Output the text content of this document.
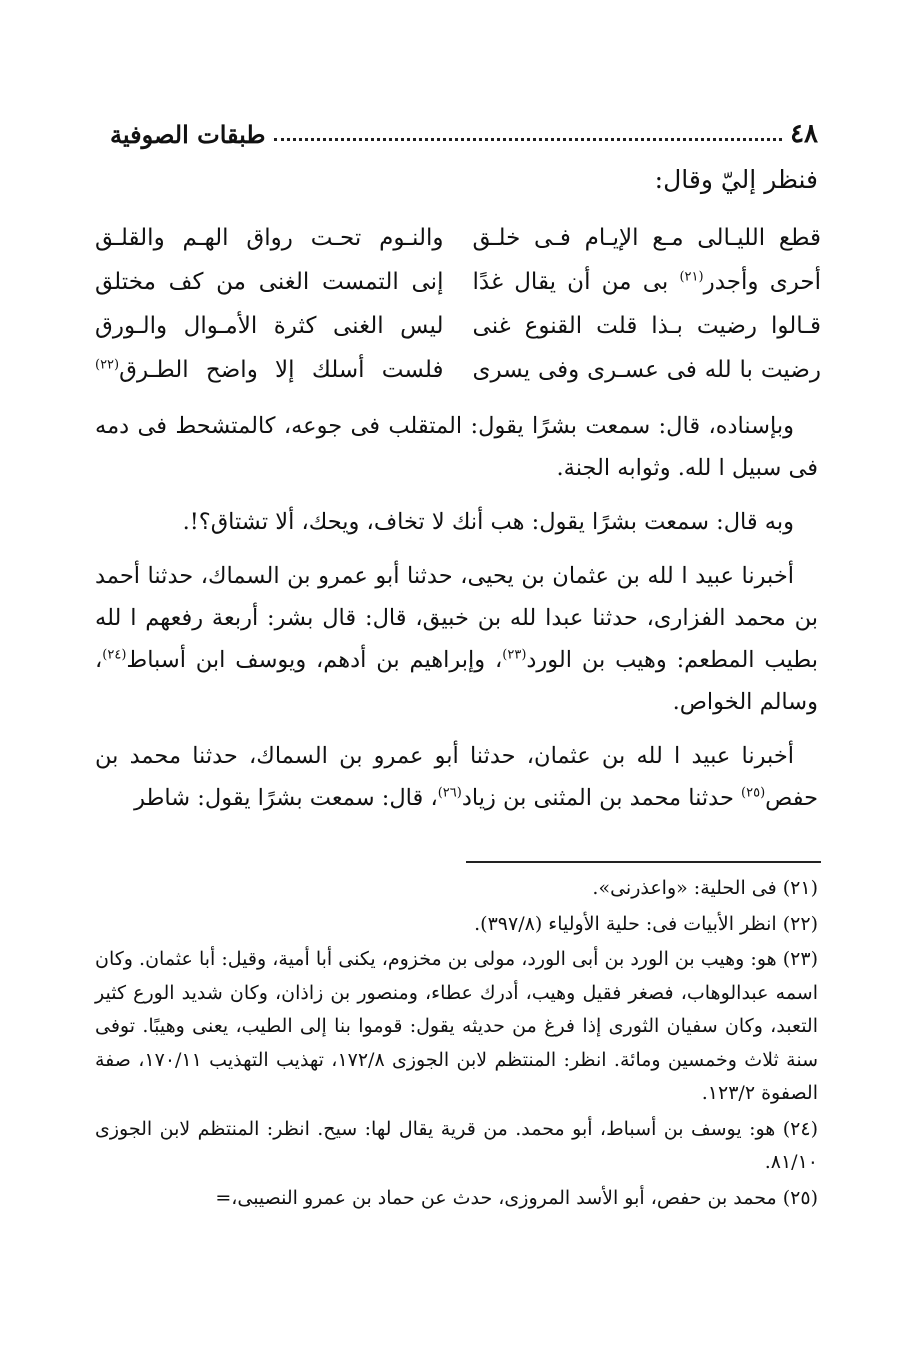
٤٨
طبقات الصوفية
فنظر إليّ وقال:
قطع الليـالى مـع الإيـام فـى خلـق
والنـوم تحـت رواق الهـم والقلـق
أحرى وأجدر$^{(٢١)}$ بى من أن يقال غدًا
إنى التمست الغنى من كف مختلق
قـالوا رضيت بـذا قلت القنوع غنى
ليس الغنى كثرة الأمـوال والـورق
رضيت با لله فى عسـرى وفى يسرى
فلست أسلك إلا واضح الطـرق$^{(٢٢)}$

وبإسناده، قال: سمعت بشرًا يقول: المتقلب فى جوعه، كالمتشحط فى دمه فى سبيل ا لله. وثوابه الجنة.

وبه قال: سمعت بشرًا يقول: هب أنك لا تخاف، ويحك، ألا تشتاق؟!.

أخبرنا عبيد ا لله بن عثمان بن يحيى، حدثنا أبو عمرو بن السماك، حدثنا أحمد بن محمد الفزارى، حدثنا عبدا لله بن خبيق، قال: قال بشر: أربعة رفعهم ا لله بطيب المطعم: وهيب بن الورد$^{(٢٣)}$، وإبراهيم بن أدهم، ويوسف ابن أسباط$^{(٢٤)}$، وسالم الخواص.

أخبرنا عبيد ا لله بن عثمان، حدثنا أبو عمرو بن السماك، حدثنا محمد بن حفص$^{(٢٥)}$ حدثنا محمد بن المثنى بن زياد$^{(٢٦)}$، قال: سمعت بشرًا يقول: شاطر

(٢١) فى الحلية: «واعذرنى».

(٢٢) انظر الأبيات فى: حلية الأولياء (٣٩٧/٨).

(٢٣) هو: وهيب بن الورد بن أبى الورد، مولى بن مخزوم، يكنى أبا أمية، وقيل: أبا عثمان. وكان اسمه عبدالوهاب، فصغر فقيل وهيب، أدرك عطاء، ومنصور بن زاذان، وكان شديد الورع كثير التعبد، وكان سفيان الثورى إذا فرغ من حديثه يقول: قوموا بنا إلى الطيب، يعنى وهيبًا. توفى سنة ثلاث وخمسين ومائة. انظر: المنتظم لابن الجوزى ١٧٢/٨، تهذيب التهذيب ١٧٠/١١، صفة الصفوة ١٢٣/٢.

(٢٤) هو: يوسف بن أسباط، أبو محمد. من قرية يقال لها: سيح. انظر: المنتظم لابن الجوزى ٨١/١٠.

(٢٥) محمد بن حفص، أبو الأسد المروزى، حدث عن حماد بن عمرو النصيبى،=
